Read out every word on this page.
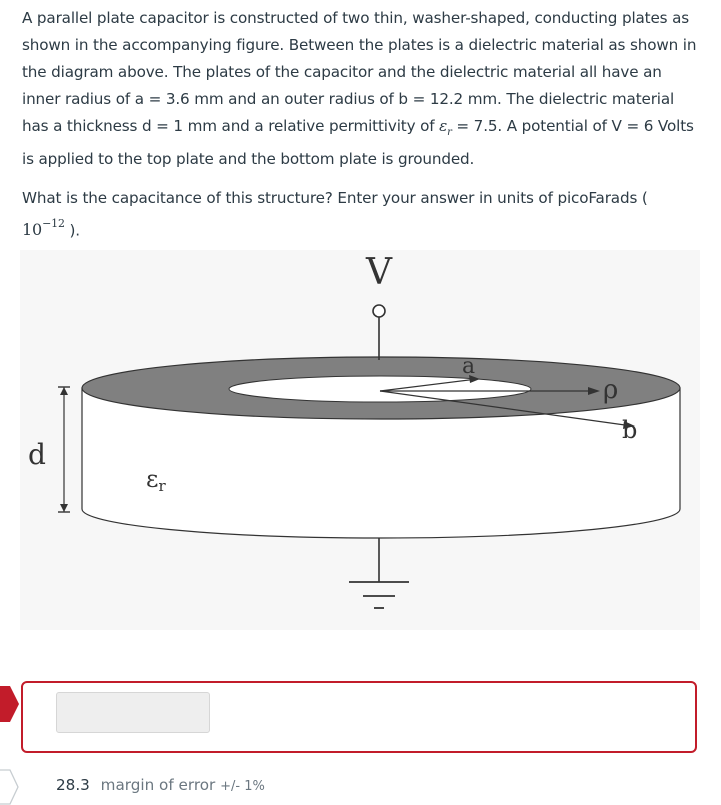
A parallel plate capacitor is constructed of two thin, washer-shaped, conducting plates as shown in the accompanying figure. Between the plates is a dielectric material as shown in the diagram above. The plates of the capacitor and the dielectric material all have an inner radius of a = 3.6 mm and an outer radius of b = 12.2 mm. The dielectric material has a thickness d = 1 mm and a relative permittivity of $\varepsilon_r = 7.5$. A potential of V = 6 Volts is applied to the top plate and the bottom plate is grounded.

What is the capacitance of this structure? Enter your answer in units of picoFarads (
$10^{-12}$ ).

V
a
ρ
b
d
εr
28.3 margin of error +/- 1%
